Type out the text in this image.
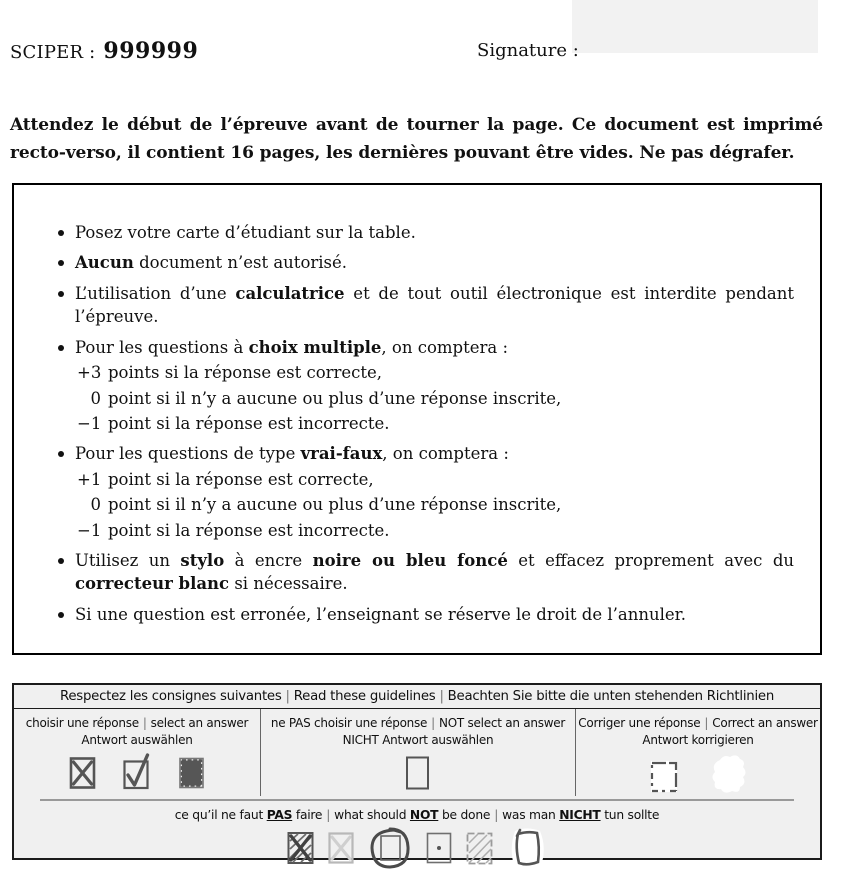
SCIPER : 999999	Signature :
Attendez le début de l’épreuve avant de tourner la page. Ce document est imprimé recto-verso, il contient 16 pages, les dernières pouvant être vides. Ne pas dégrafer.
Posez votre carte d’étudiant sur la table.
Aucun document n’est autorisé.
L’utilisation d’une calculatrice et de tout outil électronique est interdite pendant l’épreuve.
Pour les questions à choix multiple, on comptera :
+3 points si la réponse est correcte,
0 point si il n’y a aucune ou plus d’une réponse inscrite,
−1 point si la réponse est incorrecte.
Pour les questions de type vrai-faux, on comptera :
+1 point si la réponse est correcte,
0 point si il n’y a aucune ou plus d’une réponse inscrite,
−1 point si la réponse est incorrecte.
Utilisez un stylo à encre noire ou bleu foncé et effacez proprement avec du correcteur blanc si nécessaire.
Si une question est erronée, l’enseignant se réserve le droit de l’annuler.
Respectez les consignes suivantes | Read these guidelines | Beachten Sie bitte die unten stehenden Richtlinien
choisir une réponse | select an answer
Antwort auswählen
ne PAS choisir une réponse | NOT select an answer
NICHT Antwort auswählen
Corriger une réponse | Correct an answer
Antwort korrigieren
ce qu’il ne faut PAS faire | what should NOT be done | was man NICHT tun sollte
